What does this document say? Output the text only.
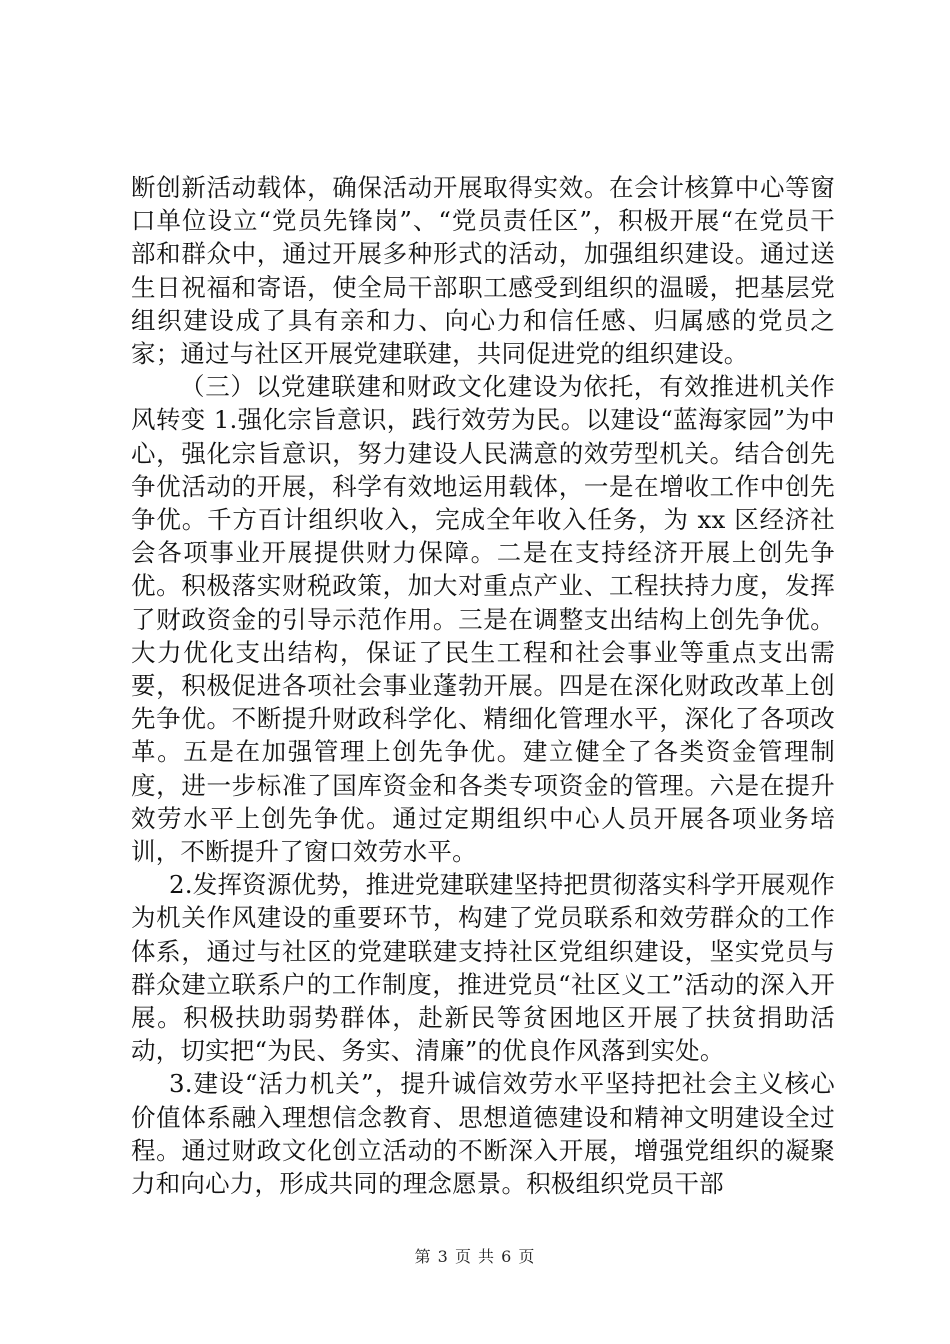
断创新活动载体，确保活动开展取得实效。在会计核算中心等窗口单位设立“党员先锋岗”、“党员责任区”，积极开展“在党员干部和群众中，通过开展多种形式的活动，加强组织建设。通过送生日祝福和寄语，使全局干部职工感受到组织的温暖，把基层党组织建设成了具有亲和力、向心力和信任感、归属感的党员之家；通过与社区开展党建联建，共同促进党的组织建设。

（三）以党建联建和财政文化建设为依托，有效推进机关作风转变 1.强化宗旨意识，践行效劳为民。以建设“蓝海家园”为中心，强化宗旨意识，努力建设人民满意的效劳型机关。结合创先争优活动的开展，科学有效地运用载体，一是在增收工作中创先争优。千方百计组织收入，完成全年收入任务，为 xx 区经济社会各项事业开展提供财力保障。二是在支持经济开展上创先争优。积极落实财税政策，加大对重点产业、工程扶持力度，发挥了财政资金的引导示范作用。三是在调整支出结构上创先争优。大力优化支出结构，保证了民生工程和社会事业等重点支出需要，积极促进各项社会事业蓬勃开展。四是在深化财政改革上创先争优。不断提升财政科学化、精细化管理水平，深化了各项改革。五是在加强管理上创先争优。建立健全了各类资金管理制度，进一步标准了国库资金和各类专项资金的管理。六是在提升效劳水平上创先争优。通过定期组织中心人员开展各项业务培训，不断提升了窗口效劳水平。

2.发挥资源优势，推进党建联建坚持把贯彻落实科学开展观作为机关作风建设的重要环节，构建了党员联系和效劳群众的工作体系，通过与社区的党建联建支持社区党组织建设，坚实党员与群众建立联系户的工作制度，推进党员“社区义工”活动的深入开展。积极扶助弱势群体，赴新民等贫困地区开展了扶贫捐助活动，切实把“为民、务实、清廉”的优良作风落到实处。

3.建设“活力机关”，提升诚信效劳水平坚持把社会主义核心价值体系融入理想信念教育、思想道德建设和精神文明建设全过程。通过财政文化创立活动的不断深入开展，增强党组织的凝聚力和向心力，形成共同的理念愿景。积极组织党员干部

第 3 页 共 6 页
